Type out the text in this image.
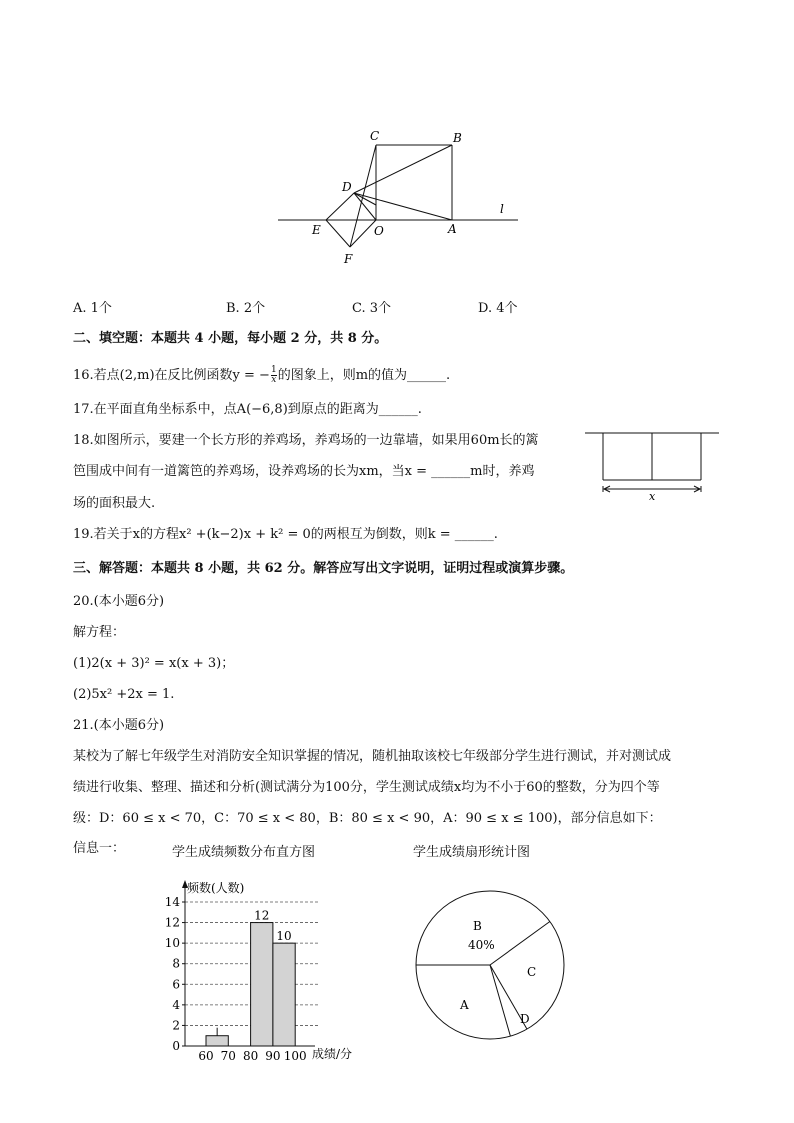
C	B
D
l
E	O	A
F
A. 1个	B. 2个	C. 3个	D. 4个
二、填空题：本题共 4 小题，每小题 2 分，共 8 分。
16.若点(2,m)在反比例函数y = − $\frac{1}{x}$ 的图象上，则m的值为______.
17.在平面直角坐标系中，点A(−6,8)到原点的距离为______.
18.如图所示，要建一个长方形的养鸡场，养鸡场的一边靠墙，如果用60m长的篱
笆围成中间有一道篱笆的养鸡场，设养鸡场的长为xm，当x = ______m时，养鸡
场的面积最大.	x
19.若关于x的方程x² +(k−2)x + k² = 0的两根互为倒数，则k = ______.
三、解答题：本题共 8 小题，共 62 分。解答应写出文字说明，证明过程或演算步骤。
20.(本小题6分)
解方程：
(1)2(x + 3)² = x(x + 3)；
(2)5x² +2x = 1.
21.(本小题6分)
某校为了解七年级学生对消防安全知识掌握的情况，随机抽取该校七年级部分学生进行测试，并对测试成
绩进行收集、整理、描述和分析(测试满分为100分，学生测试成绩x均为不小于60的整数，分为四个等
级：D：60 ≤ x < 70，C：70 ≤ x < 80，B：80 ≤ x < 90，A：90 ≤ x ≤ 100)，部分信息如下：
信息一：	学生成绩频数分布直方图
0
2
4
6
8
10
12
14
频数(人数)
成绩/分
12
10
60 70 80 90 100
学生成绩扇形统计图
B
40%
C
D
A
